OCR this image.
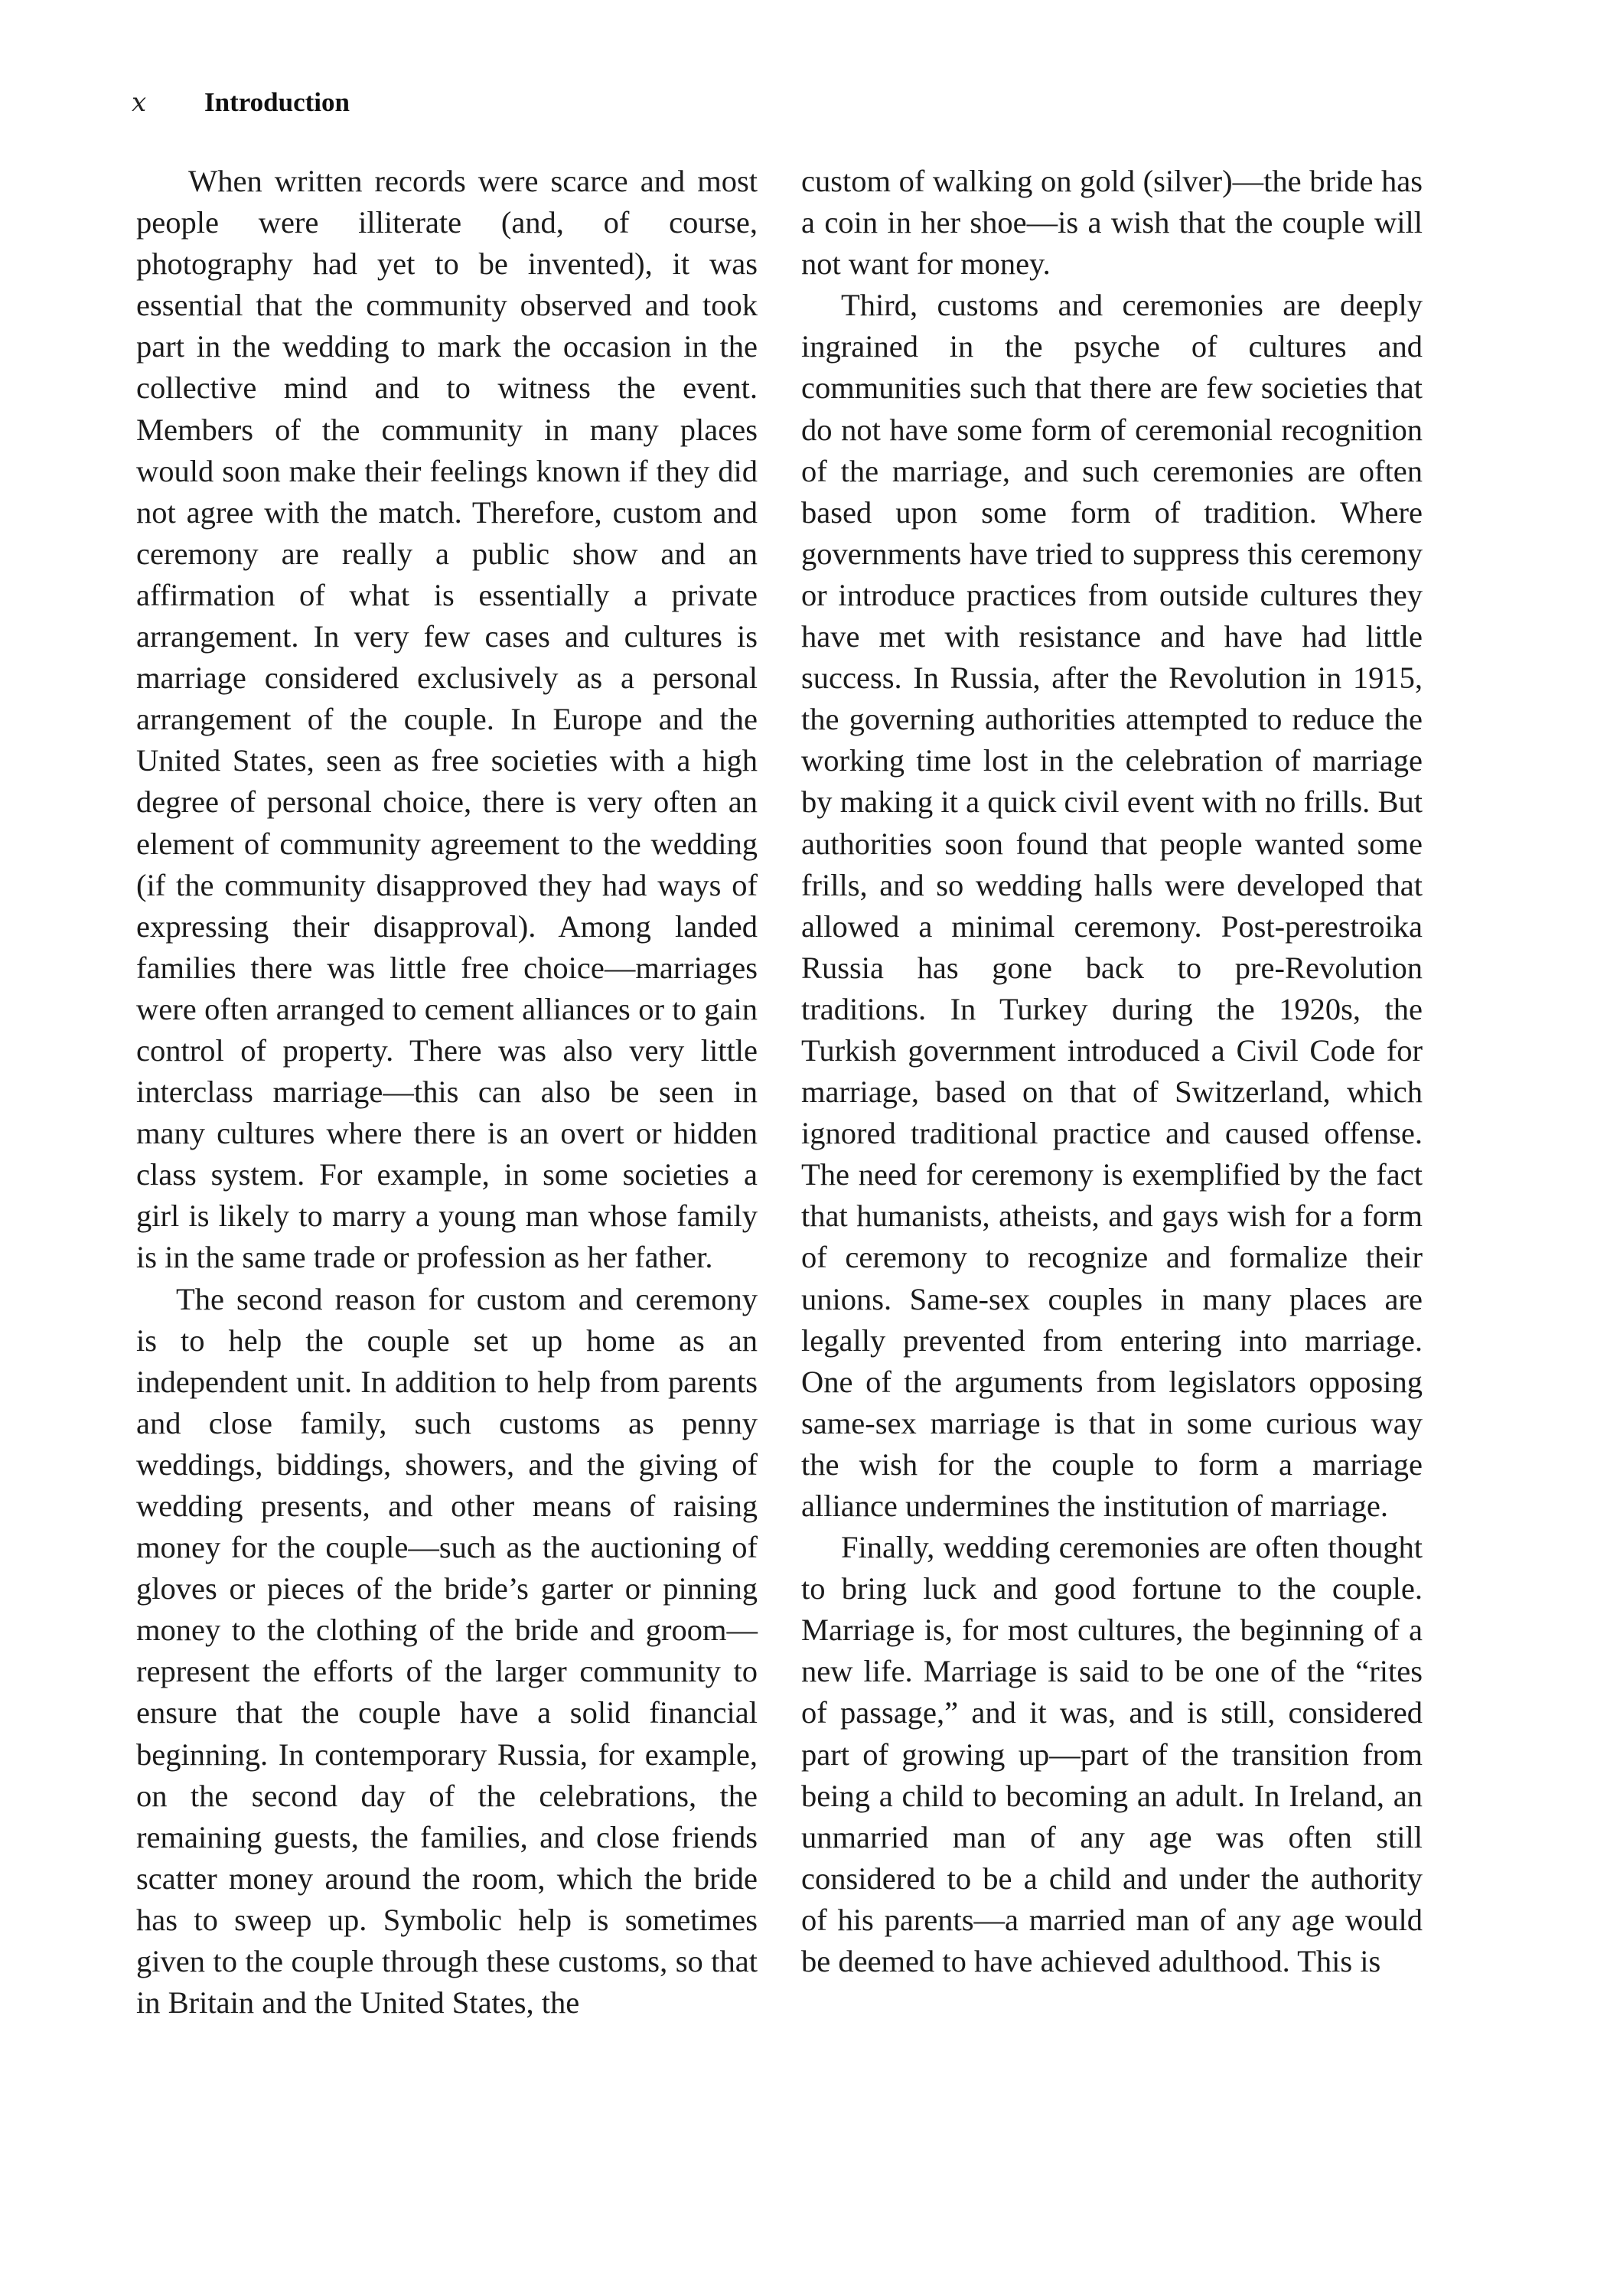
x	Introduction

When written records were scarce and most people were illiterate (and, of course, photography had yet to be invented), it was essential that the community observed and took part in the wedding to mark the occasion in the collective mind and to witness the event. Members of the community in many places would soon make their feelings known if they did not agree with the match. Therefore, custom and ceremony are really a public show and an affirmation of what is essentially a private arrangement. In very few cases and cultures is marriage considered exclusively as a personal arrangement of the couple. In Europe and the United States, seen as free societies with a high degree of personal choice, there is very often an element of community agreement to the wedding (if the community disapproved they had ways of expressing their disapproval). Among landed families there was little free choice—marriages were often arranged to cement alliances or to gain control of property. There was also very little interclass marriage—this can also be seen in many cultures where there is an overt or hidden class system. For example, in some societies a girl is likely to marry a young man whose family is in the same trade or profession as her father.

The second reason for custom and ceremony is to help the couple set up home as an independent unit. In addition to help from parents and close family, such customs as penny weddings, biddings, showers, and the giving of wedding presents, and other means of raising money for the couple—such as the auctioning of gloves or pieces of the bride’s garter or pinning money to the clothing of the bride and groom—represent the efforts of the larger community to ensure that the couple have a solid financial beginning. In contemporary Russia, for example, on the second day of the celebrations, the remaining guests, the families, and close friends scatter money around the room, which the bride has to sweep up. Symbolic help is sometimes given to the couple through these customs, so that in Britain and the United States, the

custom of walking on gold (silver)—the bride has a coin in her shoe—is a wish that the couple will not want for money.

Third, customs and ceremonies are deeply ingrained in the psyche of cultures and communities such that there are few societies that do not have some form of ceremonial recognition of the marriage, and such ceremonies are often based upon some form of tradition. Where governments have tried to suppress this ceremony or introduce practices from outside cultures they have met with resistance and have had little success. In Russia, after the Revolution in 1915, the governing authorities attempted to reduce the working time lost in the celebration of marriage by making it a quick civil event with no frills. But authorities soon found that people wanted some frills, and so wedding halls were developed that allowed a minimal ceremony. Post-perestroika Russia has gone back to pre-Revolution traditions. In Turkey during the 1920s, the Turkish government introduced a Civil Code for marriage, based on that of Switzerland, which ignored traditional practice and caused offense. The need for ceremony is exemplified by the fact that humanists, atheists, and gays wish for a form of ceremony to recognize and formalize their unions. Same-sex couples in many places are legally prevented from entering into marriage. One of the arguments from legislators opposing same-sex marriage is that in some curious way the wish for the couple to form a marriage alliance undermines the institution of marriage.

Finally, wedding ceremonies are often thought to bring luck and good fortune to the couple. Marriage is, for most cultures, the beginning of a new life. Marriage is said to be one of the “rites of passage,” and it was, and is still, considered part of growing up—part of the transition from being a child to becoming an adult. In Ireland, an unmarried man of any age was often still considered to be a child and under the authority of his parents—a married man of any age would be deemed to have achieved adulthood. This is
